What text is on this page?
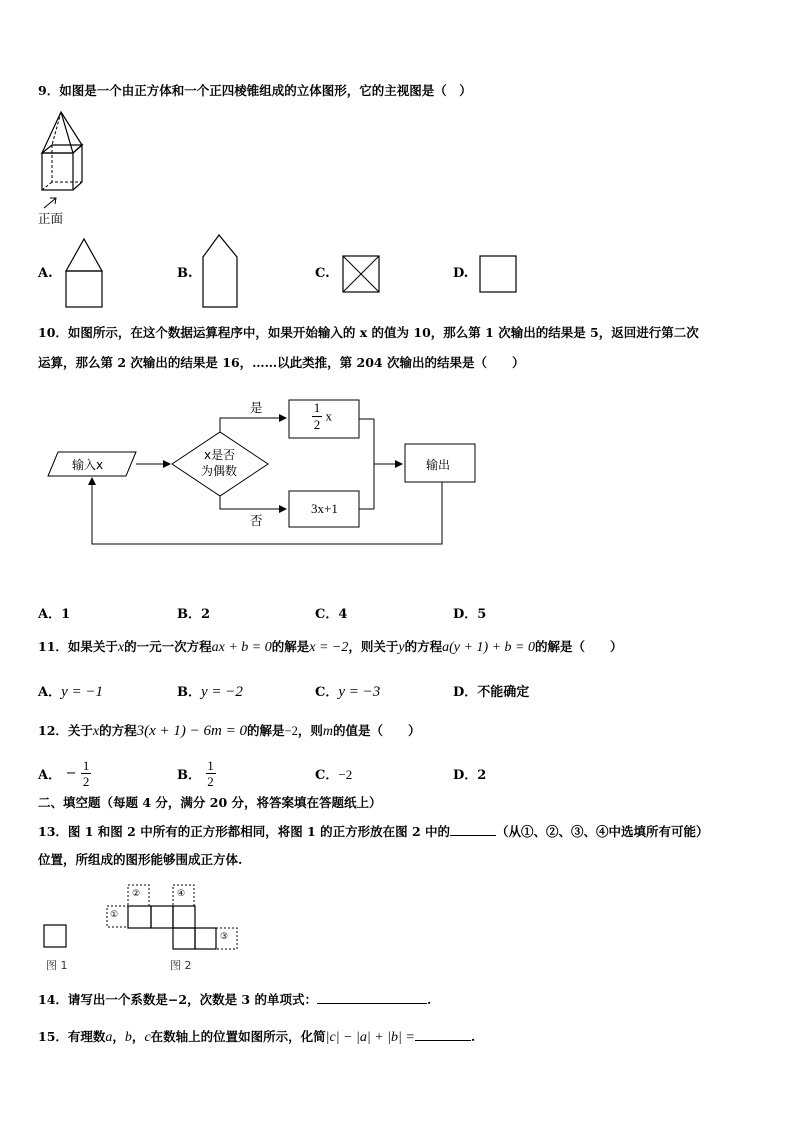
9．如图是一个由正方体和一个正四棱锥组成的立体图形，它的主视图是（　）
正面
A.	B.	C.	D.
10．如图所示，在这个数据运算程序中，如果开始输入的 x 的值为 10，那么第 1 次输出的结果是 5，返回进行第二次
运算，那么第 2 次输出的结果是 16，……以此类推，第 204 次输出的结果是（　　）
输入x
x是否
为偶数
是
否
$\frac{1}{2}$ x
3x+1
输出
A．1	B．2	C．4	D．5
11．如果关于x的一元一次方程ax + b = 0的解是x = −2，则关于y的方程a(y + 1) + b = 0的解是（　　）
A．y = −1	B．y = −2	C．y = −3	D．不能确定
12．关于x的方程3(x + 1) − 6m = 0的解是−2，则m的值是（　　）
A． − $\frac{1}{2}$	B． $\frac{1}{2}$	C．−2	D．2
二、填空题（每题 4 分，满分 20 分，将答案填在答题纸上）
13．图 1 和图 2 中所有的正方形都相同，将图 1 的正方形放在图 2 中的	（从①、②、③、④中选填所有可能）
位置，所组成的图形能够围成正方体.
图 1
①
②
③
④
图 2
14．请写出一个系数是−2，次数是 3 的单项式：	.
15．有理数a，b，c在数轴上的位置如图所示，化简|c| − |a| + |b| =	.
